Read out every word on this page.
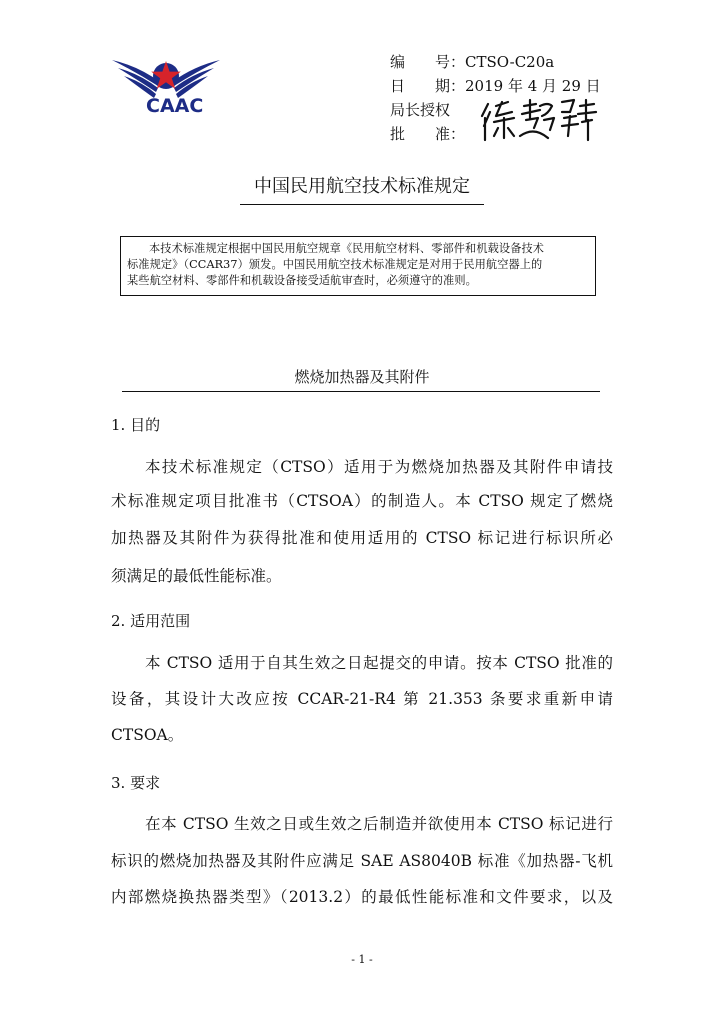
CAAC
编　　号：CTSO-C20a
日　　期：2019 年 4 月 29 日
局长授权
批　　准：
中国民用航空技术标准规定
本技术标准规定根据中国民用航空规章《民用航空材料、零部件和机载设备技术
标准规定》（CCAR37）颁发。中国民用航空技术标准规定是对用于民用航空器上的
某些航空材料、零部件和机载设备接受适航审查时，必须遵守的准则。
燃烧加热器及其附件
1. 目的
本技术标准规定（CTSO）适用于为燃烧加热器及其附件申请技
术标准规定项目批准书（CTSOA）的制造人。本 CTSO 规定了燃烧
加热器及其附件为获得批准和使用适用的 CTSO 标记进行标识所必
须满足的最低性能标准。
2. 适用范围
本 CTSO 适用于自其生效之日起提交的申请。按本 CTSO 批准的
设备，其设计大改应按 CCAR-21-R4 第 21.353 条要求重新申请
CTSOA。
3. 要求
在本 CTSO 生效之日或生效之后制造并欲使用本 CTSO 标记进行
标识的燃烧加热器及其附件应满足 SAE AS8040B 标准《加热器-飞机
内部燃烧换热器类型》（2013.2）的最低性能标准和文件要求，以及
- 1 -
